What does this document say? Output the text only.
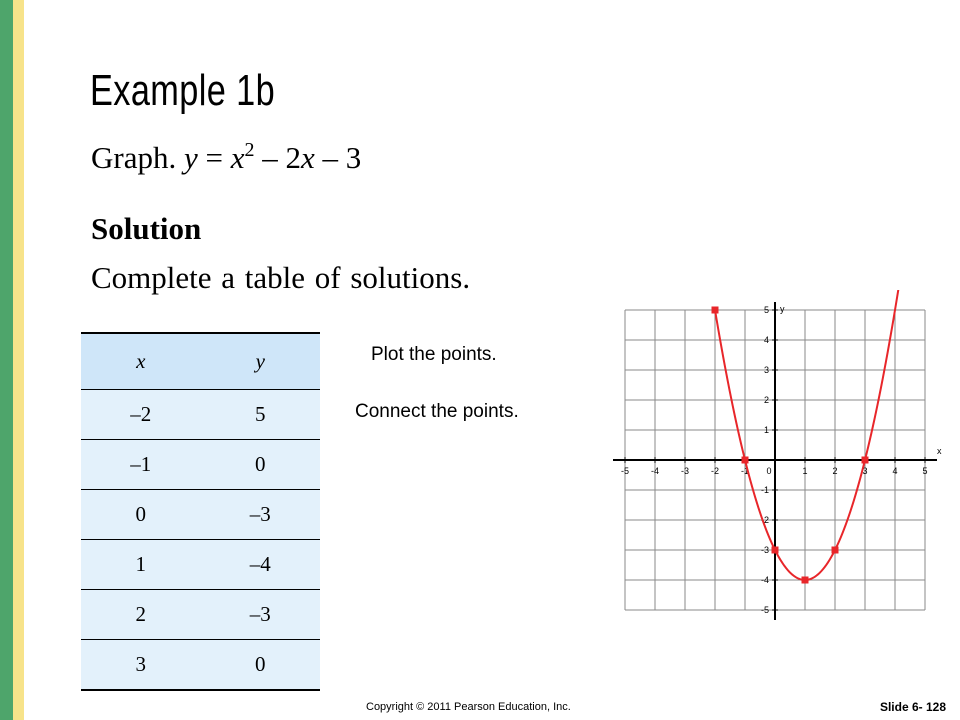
Example 1b
Graph. $y = x^2 - 2x - 3$
Solution
Complete a table of solutions.
x	y
–2	5
–1	0
0	–3
1	–4
2	–3
3	0
Plot the points.
Connect the points.
-5 -4 -3 -2 -1 0	1	2	3	4	5
-5
-4
-3
-2
-1
1
2
3
4
5
x
y
Copyright © 2011 Pearson Education, Inc.	Slide 6- 128
